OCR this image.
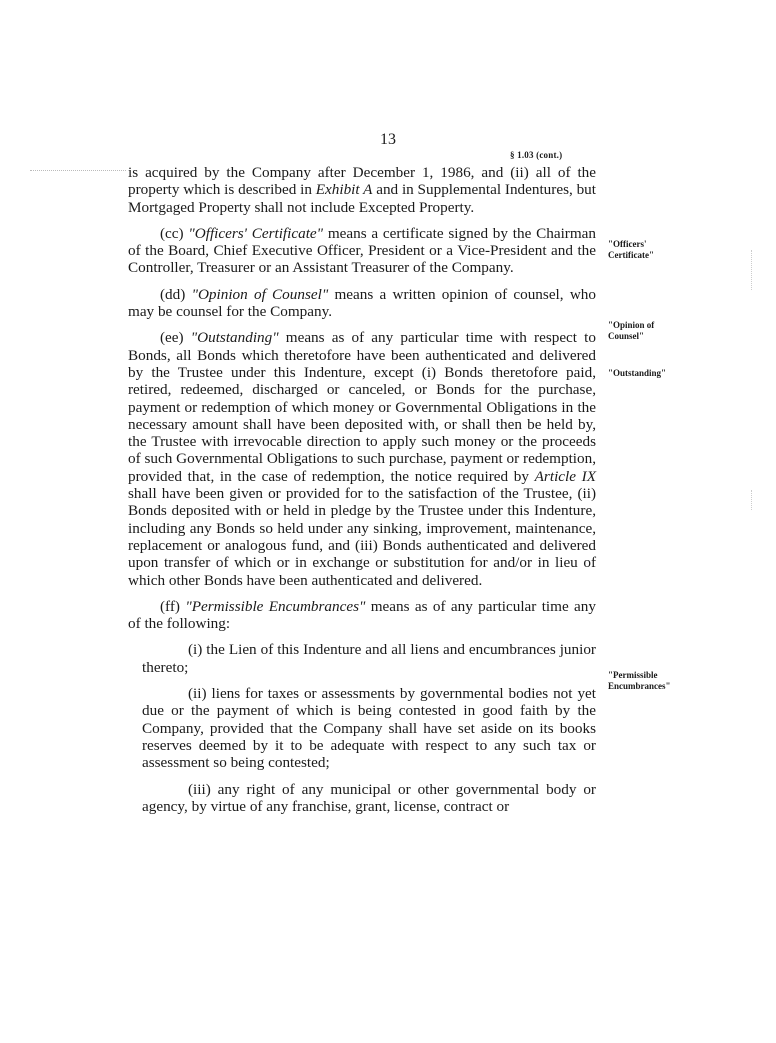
13
§ 1.03 (cont.)

is acquired by the Company after December 1, 1986, and (ii) all of the property which is described in Exhibit A and in Supplemental Indentures, but Mortgaged Property shall not include Excepted Property.

(cc) "Officers' Certificate" means a certificate signed by the Chairman of the Board, Chief Executive Officer, President or a Vice-President and the Controller, Treasurer or an Assistant Treasurer of the Company.

(dd) "Opinion of Counsel" means a written opinion of counsel, who may be counsel for the Company.

(ee) "Outstanding" means as of any particular time with respect to Bonds, all Bonds which theretofore have been authenticated and delivered by the Trustee under this Indenture, except (i) Bonds theretofore paid, retired, redeemed, discharged or canceled, or Bonds for the purchase, payment or redemption of which money or Governmental Obligations in the necessary amount shall have been deposited with, or shall then be held by, the Trustee with irrevocable direction to apply such money or the proceeds of such Governmental Obligations to such purchase, payment or redemption, provided that, in the case of redemption, the notice required by Article IX shall have been given or provided for to the satisfaction of the Trustee, (ii) Bonds deposited with or held in pledge by the Trustee under this Indenture, including any Bonds so held under any sinking, improvement, maintenance, replacement or analogous fund, and (iii) Bonds authenticated and delivered upon transfer of which or in exchange or substitution for and/or in lieu of which other Bonds have been authenticated and delivered.

(ff) "Permissible Encumbrances" means as of any particular time any of the following:

(i) the Lien of this Indenture and all liens and encumbrances junior thereto;

(ii) liens for taxes or assessments by governmental bodies not yet due or the payment of which is being contested in good faith by the Company, provided that the Company shall have set aside on its books reserves deemed by it to be adequate with respect to any such tax or assessment so being contested;

(iii) any right of any municipal or other governmental body or agency, by virtue of any franchise, grant, license, contract or

"Officers'
Certificate"
"Opinion of
Counsel"
"Outstanding"
"Permissible
Encumbrances"
